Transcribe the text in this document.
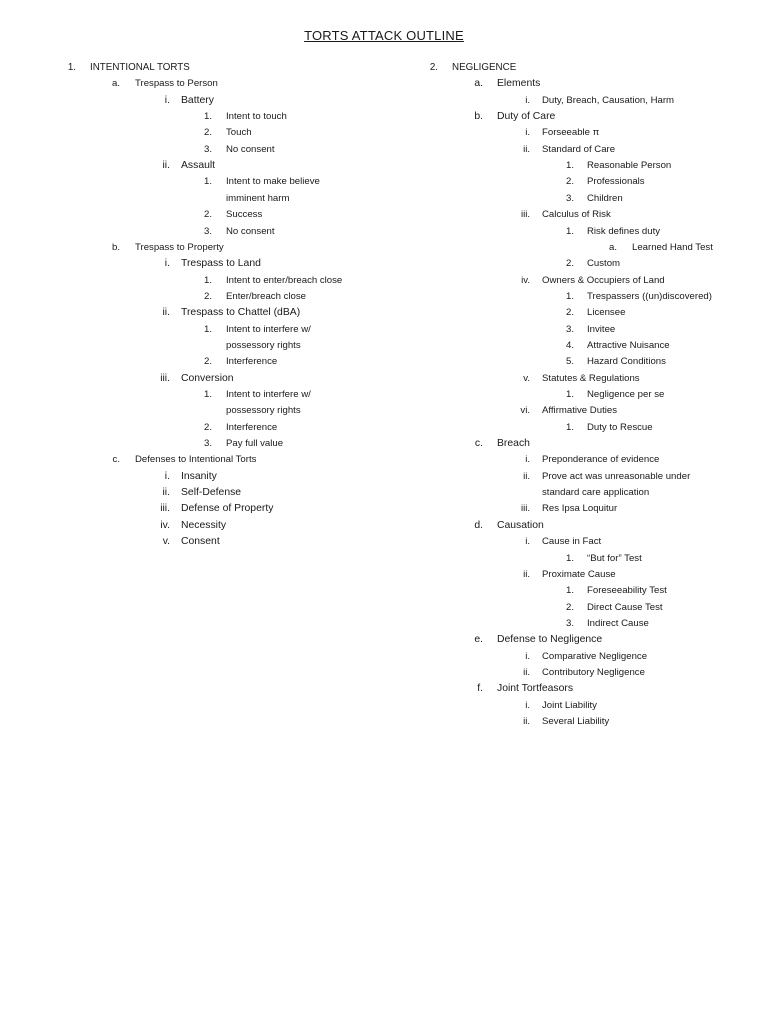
TORTS ATTACK OUTLINE
1. INTENTIONAL TORTS
a. Trespass to Person
i. Battery
1. Intent to touch
2. Touch
3. No consent
ii. Assault
1. Intent to make believe
imminent harm
2. Success
3. No consent
b. Trespass to Property
i. Trespass to Land
1. Intent to enter/breach close
2. Enter/breach close
ii. Trespass to Chattel (dBA)
1. Intent to interfere w/
possessory rights
2. Interference
iii. Conversion
1. Intent to interfere w/
possessory rights
2. Interference
3. Pay full value
c. Defenses to Intentional Torts
i. Insanity
ii. Self-Defense
iii. Defense of Property
iv. Necessity
v. Consent
2. NEGLIGENCE
a. Elements
i. Duty, Breach, Causation, Harm
b. Duty of Care
i. Forseeable π
ii. Standard of Care
1. Reasonable Person
2. Professionals
3. Children
iii. Calculus of Risk
1. Risk defines duty
a. Learned Hand Test
2. Custom
iv. Owners & Occupiers of Land
1. Trespassers ((un)discovered)
2. Licensee
3. Invitee
4. Attractive Nuisance
5. Hazard Conditions
v. Statutes & Regulations
1. Negligence per se
vi. Affirmative Duties
1. Duty to Rescue
c. Breach
i. Preponderance of evidence
ii. Prove act was unreasonable under
standard care application
iii. Res Ipsa Loquitur
d. Causation
i. Cause in Fact
1. “But for” Test
ii. Proximate Cause
1. Foreseeability Test
2. Direct Cause Test
3. Indirect Cause
e. Defense to Negligence
i. Comparative Negligence
ii. Contributory Negligence
f. Joint Tortfeasors
i. Joint Liability
ii. Several Liability
